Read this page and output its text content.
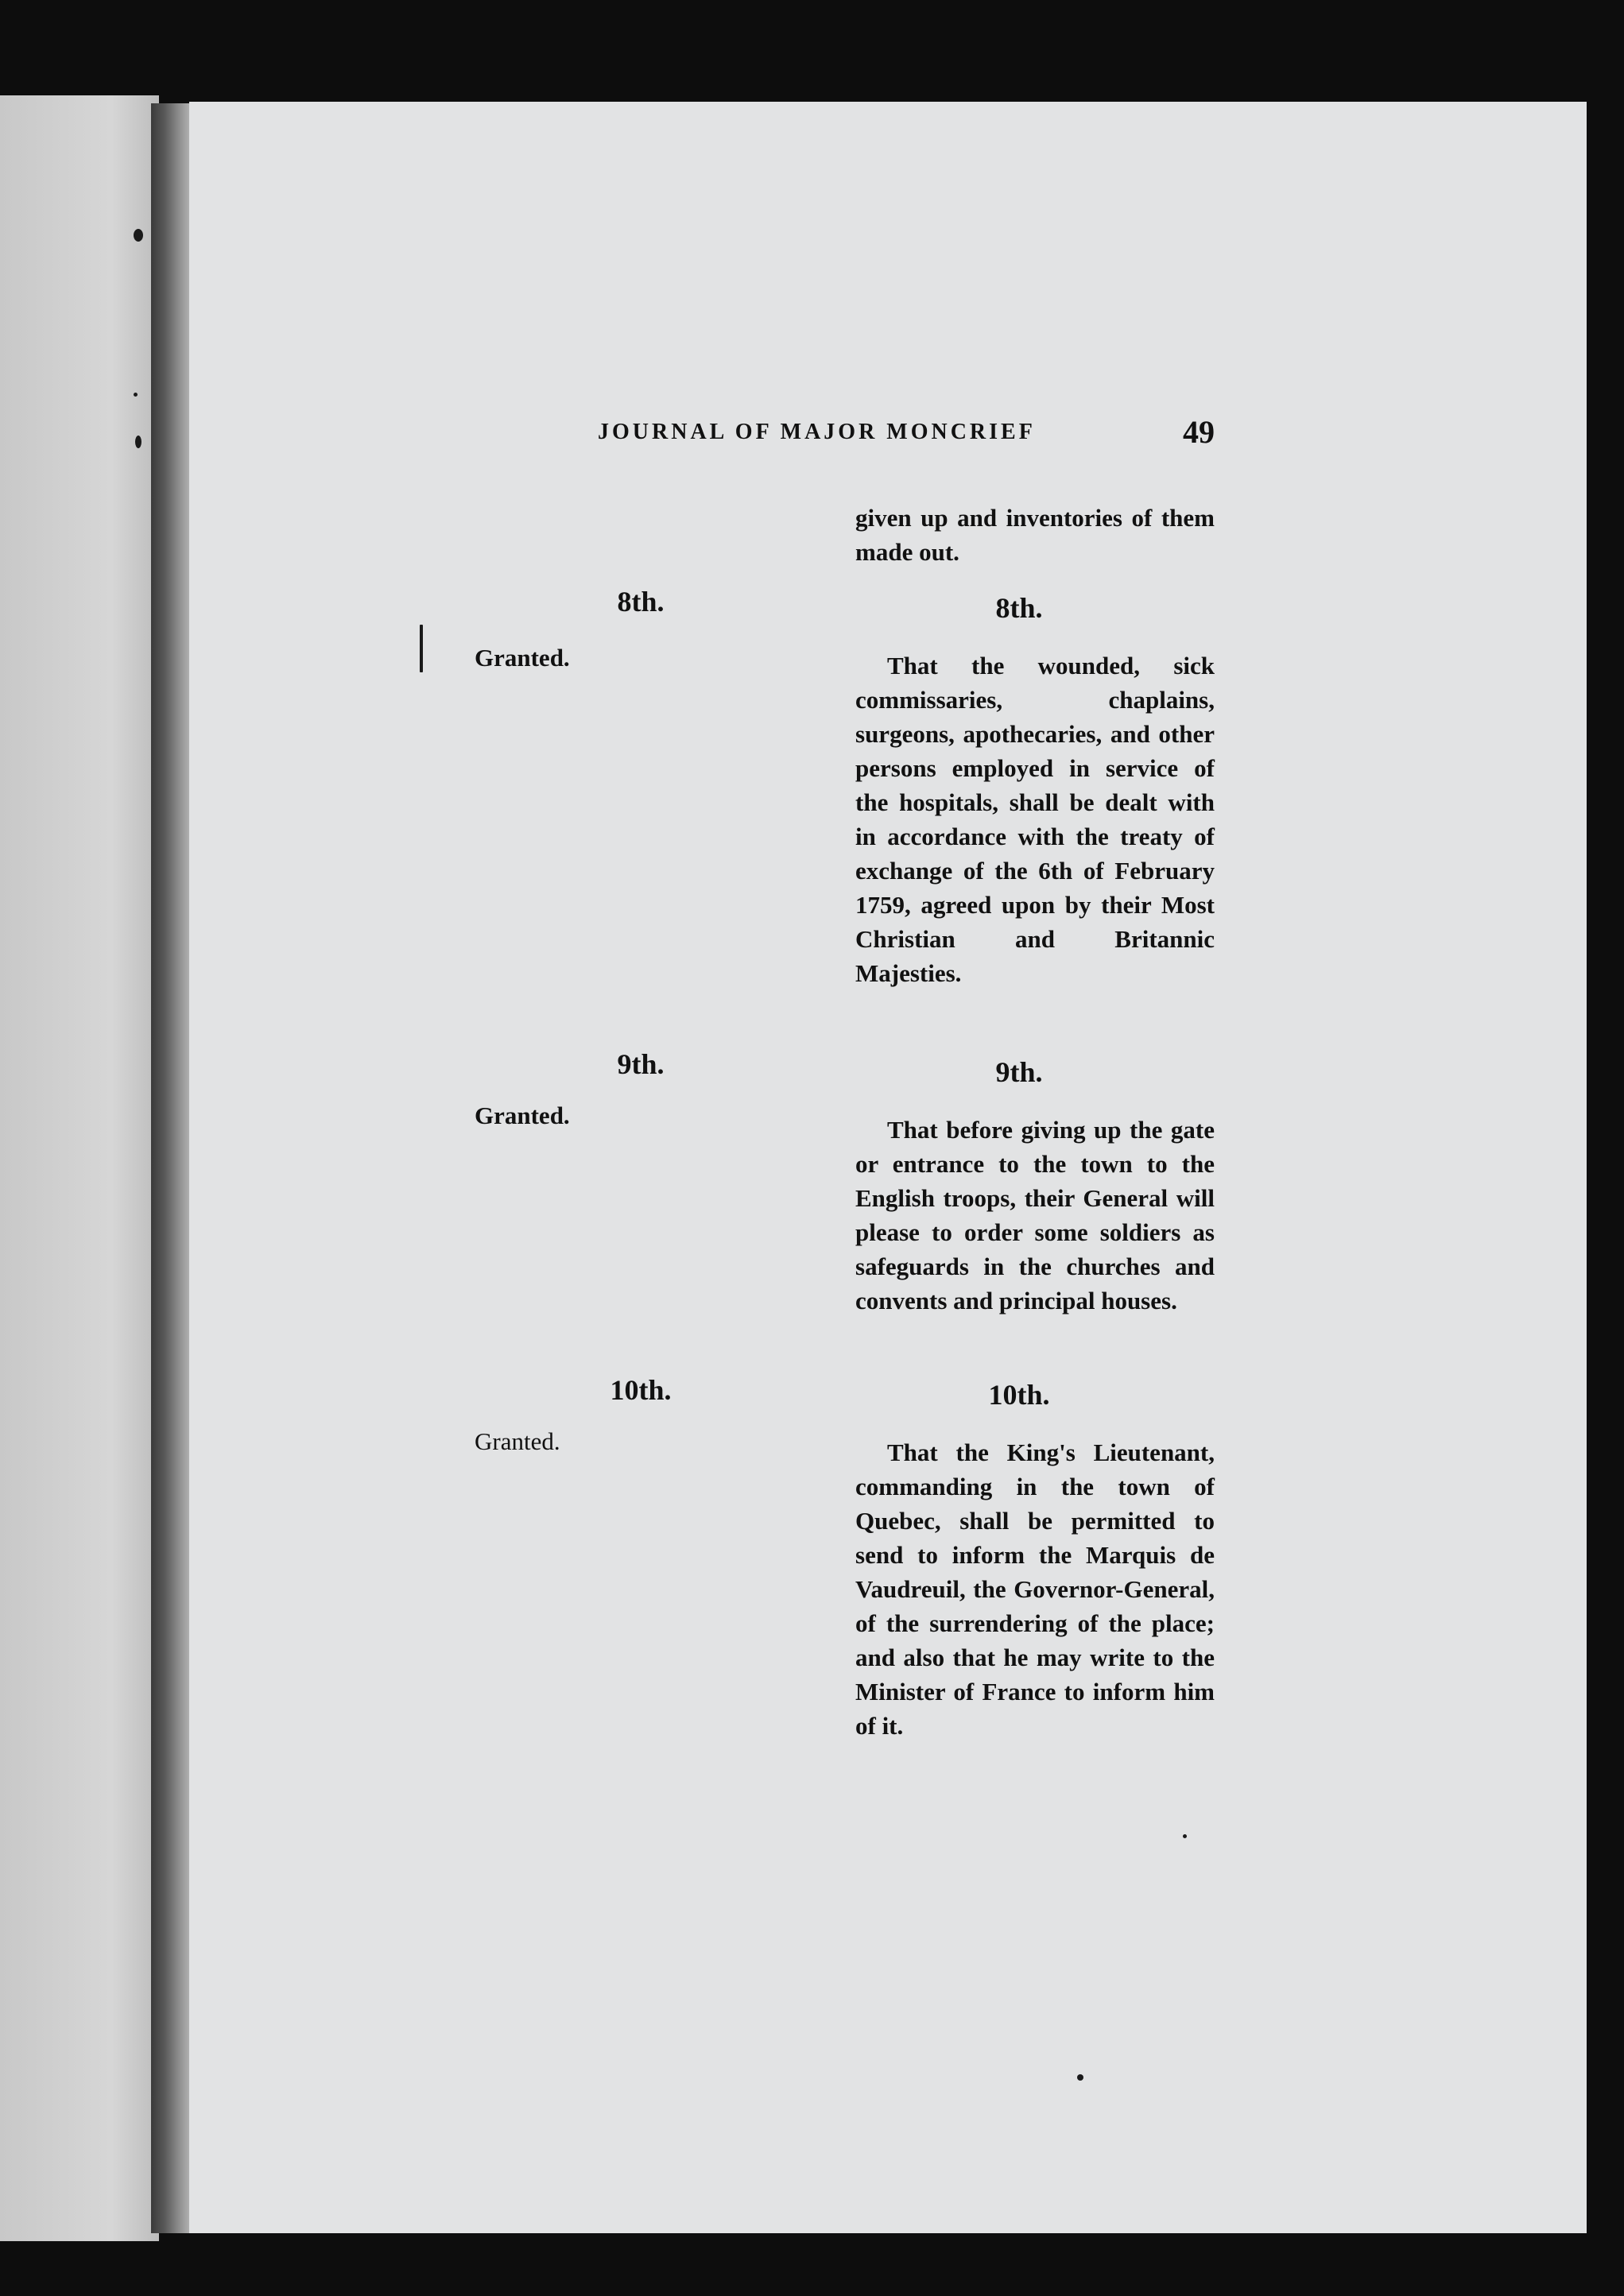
JOURNAL OF MAJOR MONCRIEF	49
given up and inventories of them made out.
8th.
Granted.
8th.
That the wounded, sick commissaries, chaplains, surgeons, apothecaries, and other persons employed in service of the hospitals, shall be dealt with in accordance with the treaty of exchange of the 6th of February 1759, agreed upon by their Most Christian and Britannic Majesties.
9th.
Granted.
9th.
That before giving up the gate or entrance to the town to the English troops, their General will please to order some soldiers as safeguards in the churches and convents and principal houses.
10th.
Granted.
10th.
That the King's Lieutenant, commanding in the town of Quebec, shall be permitted to send to inform the Marquis de Vaudreuil, the Governor-General, of the surrendering of the place; and also that he may write to the Minister of France to inform him of it.
